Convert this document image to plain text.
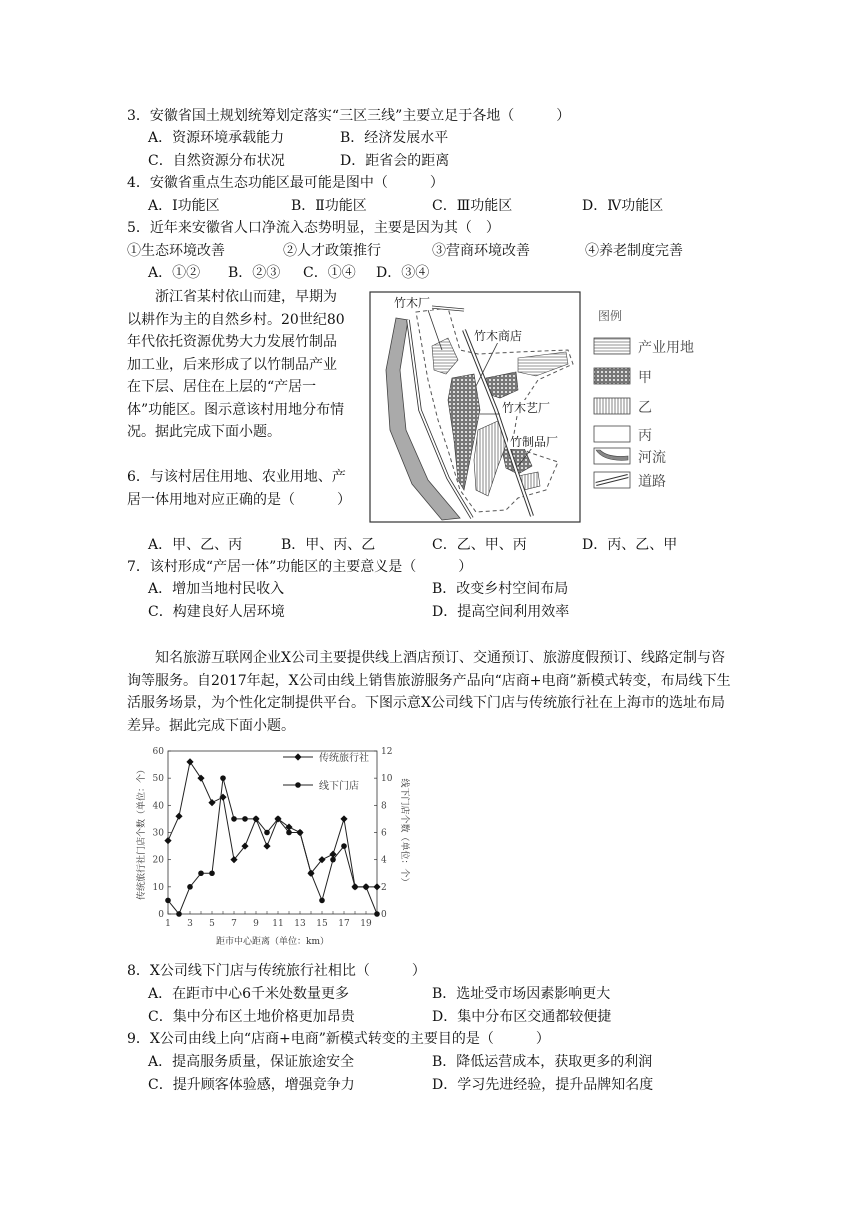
3．安徽省国土规划统筹划定落实“三区三线”主要立足于各地（　　　）
A．资源环境承载能力	B．经济发展水平
C．自然资源分布状况	D．距省会的距离
4．安徽省重点生态功能区最可能是图中（　　　）
A．Ⅰ功能区	B．Ⅱ功能区	C．Ⅲ功能区	D．Ⅳ功能区
5．近年来安徽省人口净流入态势明显，主要是因为其（　）
①生态环境改善	②人才政策推行	③营商环境改善	④养老制度完善
A．①② B．②③ C．①④ D．③④
浙江省某村依山而建，早期为以耕作为主的自然乡村。20世纪80年代依托资源优势大力发展竹制品加工业，后来形成了以竹制品产业在下层、居住在上层的“产居一体”功能区。图示意该村用地分布情况。据此完成下面小题。
竹木厂
竹木商店
竹木艺厂
竹制品厂
图例
产业用地
甲
乙
丙
河流
道路
6．与该村居住用地、农业用地、产居一体用地对应正确的是（　　　）
A．甲、乙、丙	B．甲、丙、乙	C．乙、甲、丙	D．丙、乙、甲
7．该村形成“产居一体”功能区的主要意义是（　　　）
A．增加当地村民收入	B．改变乡村空间布局
C．构建良好人居环境	D．提高空间利用效率
知名旅游互联网企业Ⅹ公司主要提供线上酒店预订、交通预订、旅游度假预订、线路定制与咨询等服务。自2017年起，Ⅹ公司由线上销售旅游服务产品向“店商+电商”新模式转变，布局线下生活服务场景，为个性化定制提供平台。下图示意Ⅹ公司线下门店与传统旅行社在上海市的选址布局差异。据此完成下面小题。
0
10
20
30
40
50
60
0
2
4
6
8
10
12
1 3 5 7 9 11 13 15 17 19
距市中心距离（单位：km）
传统旅行社门店个数（单位：个）	线下门店个数（单位：个）
传统旅行社
线下门店
8．Ⅹ公司线下门店与传统旅行社相比（　　　）
A．在距市中心6千米处数量更多	B．选址受市场因素影响更大
C．集中分布区土地价格更加昂贵	D．集中分布区交通都较便捷
9．Ⅹ公司由线上向“店商+电商”新模式转变的主要目的是（　　　）
A．提高服务质量，保证旅途安全	B．降低运营成本，获取更多的利润
C．提升顾客体验感，增强竞争力	D．学习先进经验，提升品牌知名度
